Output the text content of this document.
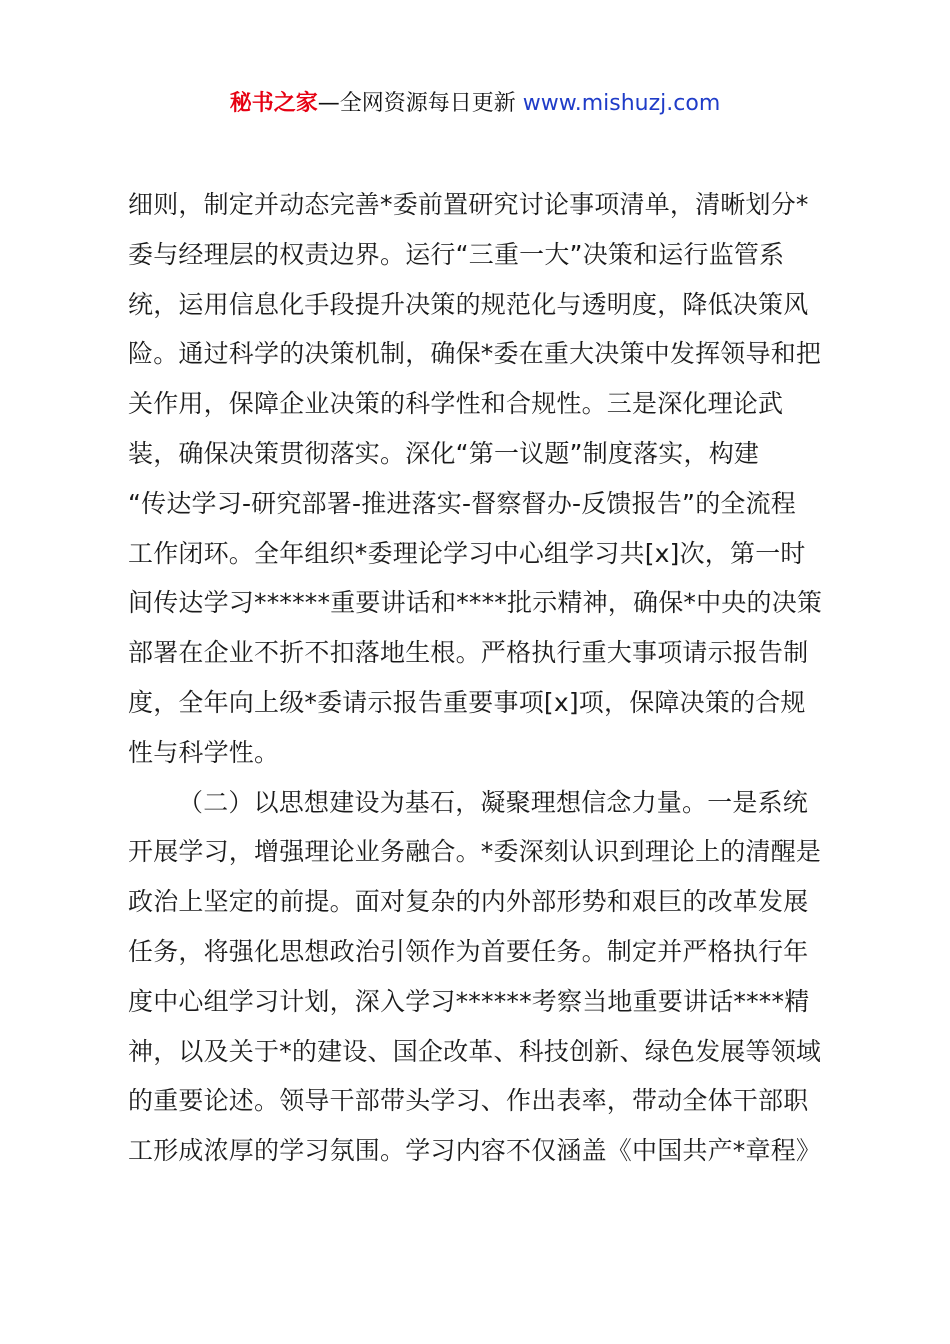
秘书之家—全网资源每日更新 www.mishuzj.com
细则，制定并动态完善*委前置研究讨论事项清单，清晰划分*
委与经理层的权责边界。运行“三重一大”决策和运行监管系
统，运用信息化手段提升决策的规范化与透明度，降低决策风
险。通过科学的决策机制，确保*委在重大决策中发挥领导和把
关作用，保障企业决策的科学性和合规性。三是深化理论武
装，确保决策贯彻落实。深化“第一议题”制度落实，构建
“传达学习-研究部署-推进落实-督察督办-反馈报告”的全流程
工作闭环。全年组织*委理论学习中心组学习共[x]次，第一时
间传达学习******重要讲话和****批示精神，确保*中央的决策
部署在企业不折不扣落地生根。严格执行重大事项请示报告制
度，全年向上级*委请示报告重要事项[x]项，保障决策的合规
性与科学性。
（二）以思想建设为基石，凝聚理想信念力量。一是系统
开展学习，增强理论业务融合。*委深刻认识到理论上的清醒是
政治上坚定的前提。面对复杂的内外部形势和艰巨的改革发展
任务，将强化思想政治引领作为首要任务。制定并严格执行年
度中心组学习计划，深入学习******考察当地重要讲话****精
神，以及关于*的建设、国企改革、科技创新、绿色发展等领域
的重要论述。领导干部带头学习、作出表率，带动全体干部职
工形成浓厚的学习氛围。学习内容不仅涵盖《中国共产*章程》
